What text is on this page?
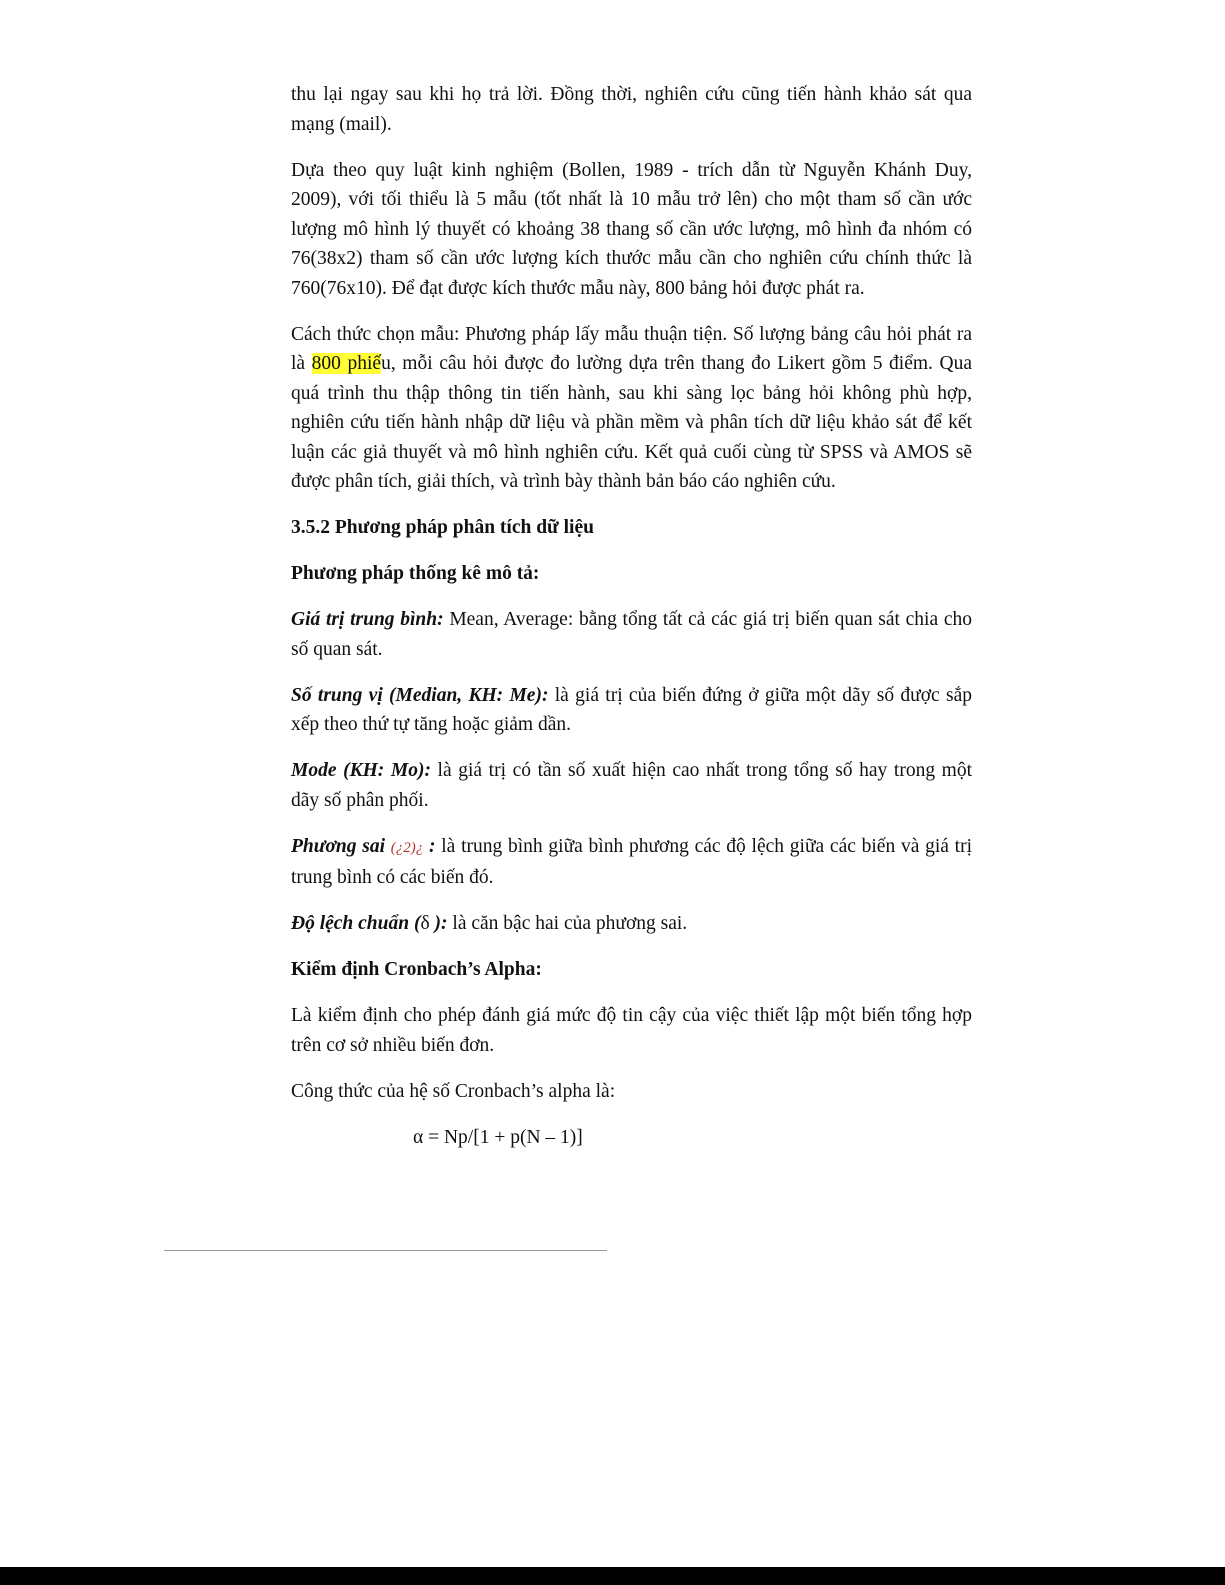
thu lại ngay sau khi họ trả lời. Đồng thời, nghiên cứu cũng tiến hành khảo sát qua mạng (mail).

Dựa theo quy luật kinh nghiệm (Bollen, 1989 - trích dẫn từ Nguyễn Khánh Duy, 2009), với tối thiểu là 5 mẫu (tốt nhất là 10 mẫu trở lên) cho một tham số cần ước lượng mô hình lý thuyết có khoảng 38 thang số cần ước lượng, mô hình đa nhóm có 76(38x2) tham số cần ước lượng kích thước mẫu cần cho nghiên cứu chính thức là 760(76x10). Để đạt được kích thước mẫu này, 800 bảng hỏi được phát ra.

Cách thức chọn mẫu: Phương pháp lấy mẫu thuận tiện. Số lượng bảng câu hỏi phát ra là 800 phiếu, mỗi câu hỏi được đo lường dựa trên thang đo Likert gồm 5 điểm. Qua quá trình thu thập thông tin tiến hành, sau khi sàng lọc bảng hỏi không phù hợp, nghiên cứu tiến hành nhập dữ liệu và phần mềm và phân tích dữ liệu khảo sát để kết luận các giả thuyết và mô hình nghiên cứu. Kết quả cuối cùng từ SPSS và AMOS sẽ được phân tích, giải thích, và trình bày thành bản báo cáo nghiên cứu.

3.5.2 Phương pháp phân tích dữ liệu
Phương pháp thống kê mô tả:

Giá trị trung bình: Mean, Average: bằng tổng tất cả các giá trị biến quan sát chia cho số quan sát.

Số trung vị (Median, KH: Me): là giá trị của biến đứng ở giữa một dãy số được sắp xếp theo thứ tự tăng hoặc giảm dần.

Mode (KH: Mo): là giá trị có tần số xuất hiện cao nhất trong tổng số hay trong một dãy số phân phối.

Phương sai (¿2)¿ : là trung bình giữa bình phương các độ lệch giữa các biến và giá trị trung bình có các biến đó.

Độ lệch chuẩn (δ ): là căn bậc hai của phương sai.

Kiểm định Cronbach’s Alpha:

Là kiểm định cho phép đánh giá mức độ tin cậy của việc thiết lập một biến tổng hợp trên cơ sở nhiều biến đơn.

Công thức của hệ số Cronbach’s alpha là:

α = Np/[1 + p(N – 1)]
